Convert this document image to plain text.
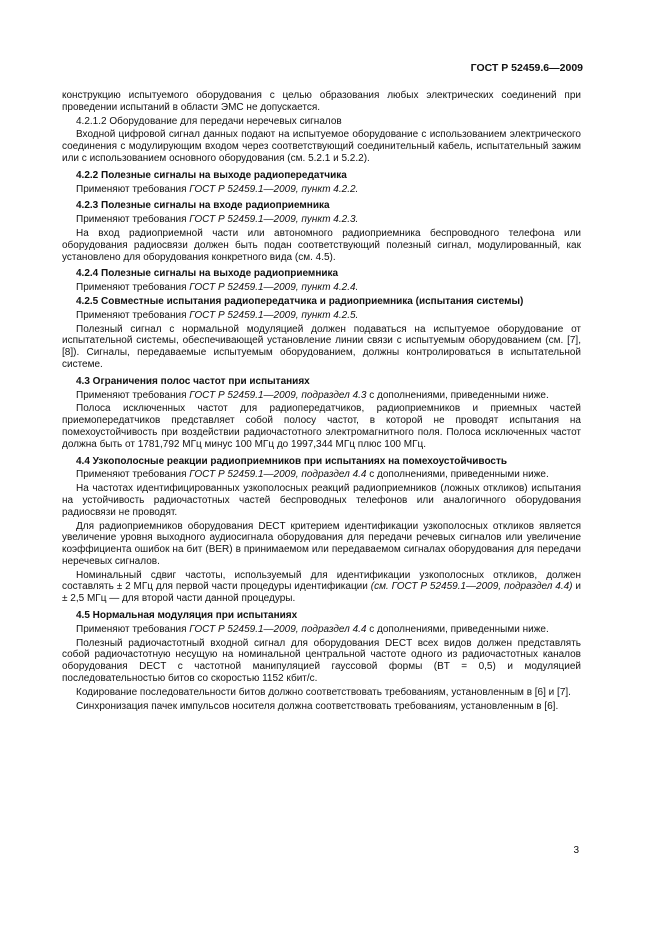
ГОСТ Р 52459.6—2009

конструкцию испытуемого оборудования с целью образования любых электрических соединений при проведении испытаний в области ЭМС не допускается.

4.2.1.2 Оборудование для передачи неречевых сигналов

Входной цифровой сигнал данных подают на испытуемое оборудование с использованием электрического соединения с модулирующим входом через соответствующий соединительный кабель, испытательный зажим или с использованием основного оборудования (см. 5.2.1 и 5.2.2).

4.2.2 Полезные сигналы на выходе радиопередатчика

Применяют требования ГОСТ Р 52459.1—2009, пункт 4.2.2.

4.2.3 Полезные сигналы на входе радиоприемника

Применяют требования ГОСТ Р 52459.1—2009, пункт 4.2.3.

На вход радиоприемной части или автономного радиоприемника беспроводного телефона или оборудования радиосвязи должен быть подан соответствующий полезный сигнал, модулированный, как установлено для оборудования конкретного вида (см. 4.5).

4.2.4 Полезные сигналы на выходе радиоприемника

Применяют требования ГОСТ Р 52459.1—2009, пункт 4.2.4.

4.2.5 Совместные испытания радиопередатчика и радиоприемника (испытания системы)

Применяют требования ГОСТ Р 52459.1—2009, пункт 4.2.5.

Полезный сигнал с нормальной модуляцией должен подаваться на испытуемое оборудование от испытательной системы, обеспечивающей установление линии связи с испытуемым оборудованием (см. [7], [8]). Сигналы, передаваемые испытуемым оборудованием, должны контролироваться в испытательной системе.

4.3 Ограничения полос частот при испытаниях

Применяют требования ГОСТ Р 52459.1—2009, подраздел 4.3 с дополнениями, приведенными ниже.

Полоса исключенных частот для радиопередатчиков, радиоприемников и приемных частей приемопередатчиков представляет собой полосу частот, в которой не проводят испытания на помехоустойчивость при воздействии радиочастотного электромагнитного поля. Полоса исключенных частот должна быть от 1781,792 МГц минус 100 МГц до 1997,344 МГц плюс 100 МГц.

4.4 Узкополосные реакции радиоприемников при испытаниях на помехоустойчивость

Применяют требования ГОСТ Р 52459.1—2009, подраздел 4.4 с дополнениями, приведенными ниже.

На частотах идентифицированных узкополосных реакций радиоприемников (ложных откликов) испытания на устойчивость радиочастотных частей беспроводных телефонов или аналогичного оборудования радиосвязи не проводят.

Для радиоприемников оборудования DECT критерием идентификации узкополосных откликов является увеличение уровня выходного аудиосигнала оборудования для передачи речевых сигналов или увеличение коэффициента ошибок на бит (BER) в принимаемом или передаваемом сигналах оборудования для передачи неречевых сигналов.

Номинальный сдвиг частоты, используемый для идентификации узкополосных откликов, должен составлять ± 2 МГц для первой части процедуры идентификации (см. ГОСТ Р 52459.1—2009, подраздел 4.4) и ± 2,5 МГц — для второй части данной процедуры.

4.5 Нормальная модуляция при испытаниях

Применяют требования ГОСТ Р 52459.1—2009, подраздел 4.4 с дополнениями, приведенными ниже.

Полезный радиочастотный входной сигнал для оборудования DECT всех видов должен представлять собой радиочастотную несущую на номинальной центральной частоте одного из радиочастотных каналов оборудования DECT с частотной манипуляцией гауссовой формы (BT = 0,5) и модуляцией последовательностью битов со скоростью 1152 кбит/с.

Кодирование последовательности битов должно соответствовать требованиям, установленным в [6] и [7].

Синхронизация пачек импульсов носителя должна соответствовать требованиям, установленным в [6].

3
